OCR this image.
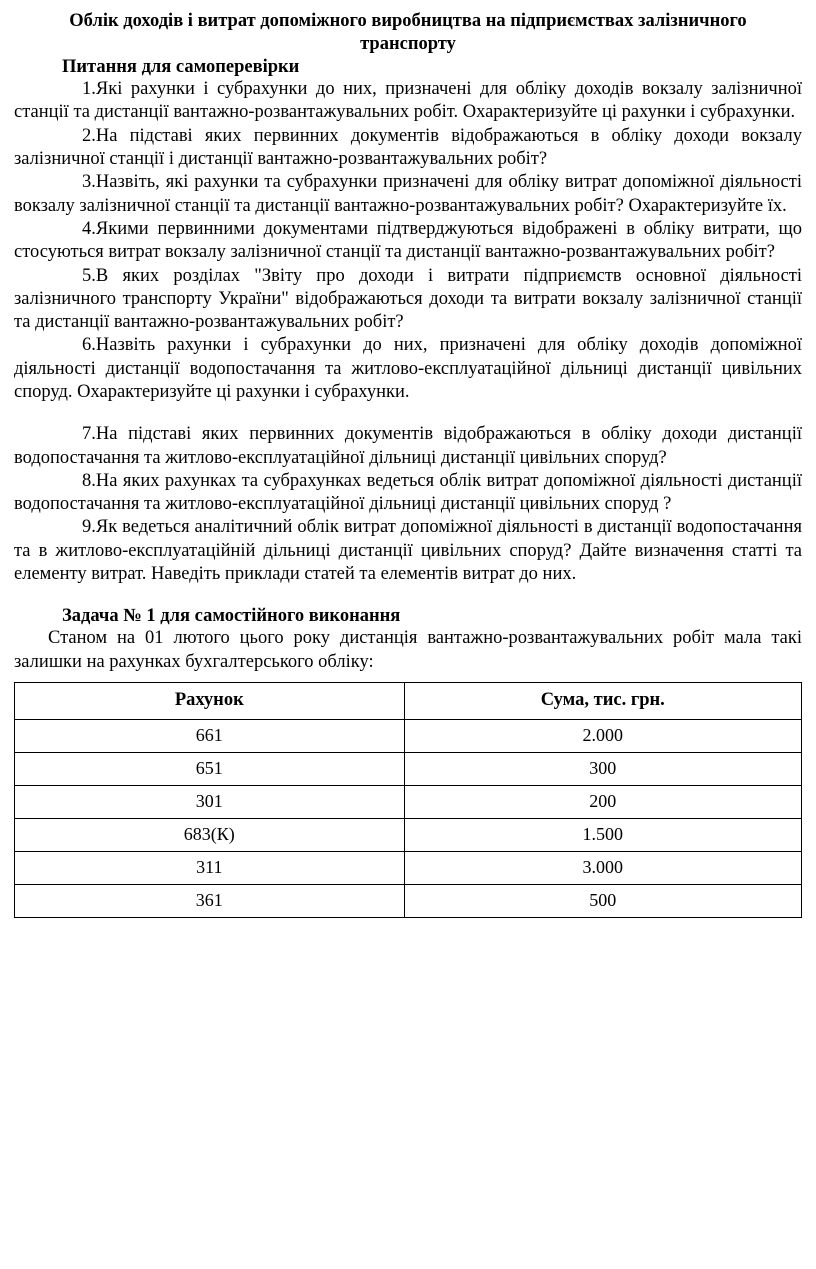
Облік доходів і витрат допоміжного виробництва на підприємствах залізничного транспорту
Питання для самоперевірки
1.Які рахунки і субрахунки до них, призначені для обліку доходів вокзалу залізничної станції та дистанції вантажно-розвантажувальних робіт. Охарактеризуйте ці рахунки і субрахунки.
2.На підставі яких первинних документів відображаються в обліку доходи вокзалу залізничної станції і дистанції вантажно-розвантажувальних робіт?
3.Назвіть, які рахунки та субрахунки призначені для обліку витрат допоміжної діяльності вокзалу залізничної станції та дистанції вантажно-розвантажувальних робіт? Охарактеризуйте їх.
4.Якими первинними документами підтверджуються відображені в обліку витрати, що стосуються витрат вокзалу залізничної станції та дистанції вантажно-розвантажувальних робіт?
5.В яких розділах "Звіту про доходи і витрати підприємств основної діяльності залізничного транспорту України" відображаються доходи та витрати вокзалу залізничної станції та дистанції вантажно-розвантажувальних робіт?
6.Назвіть рахунки і субрахунки до них, призначені для обліку доходів допоміжної діяльності дистанції водопостачання та житлово-експлуатаційної дільниці дистанції цивільних споруд. Охарактеризуйте ці рахунки і субрахунки.
7.На підставі яких первинних документів відображаються в обліку доходи дистанції водопостачання та житлово-експлуатаційної дільниці дистанції цивільних споруд?
8.На яких рахунках та субрахунках ведеться облік витрат допоміжної діяльності дистанції водопостачання та житлово-експлуатаційної дільниці дистанції цивільних споруд ?
9.Як ведеться аналітичний облік витрат допоміжної діяльності в дистанції водопостачання та в житлово-експлуатаційній дільниці дистанції цивільних споруд? Дайте визначення статті та елементу витрат. Наведіть приклади статей та елементів витрат до них.
Задача № 1 для самостійного виконання

Станом на 01 лютого цього року дистанція вантажно-розвантажувальних робіт мала такі залишки на рахунках бухгалтерського обліку:

Рахунок	Сума, тис. грн.
661	2.000
651	300
301	200
683(К)	1.500
311	3.000
361	500
